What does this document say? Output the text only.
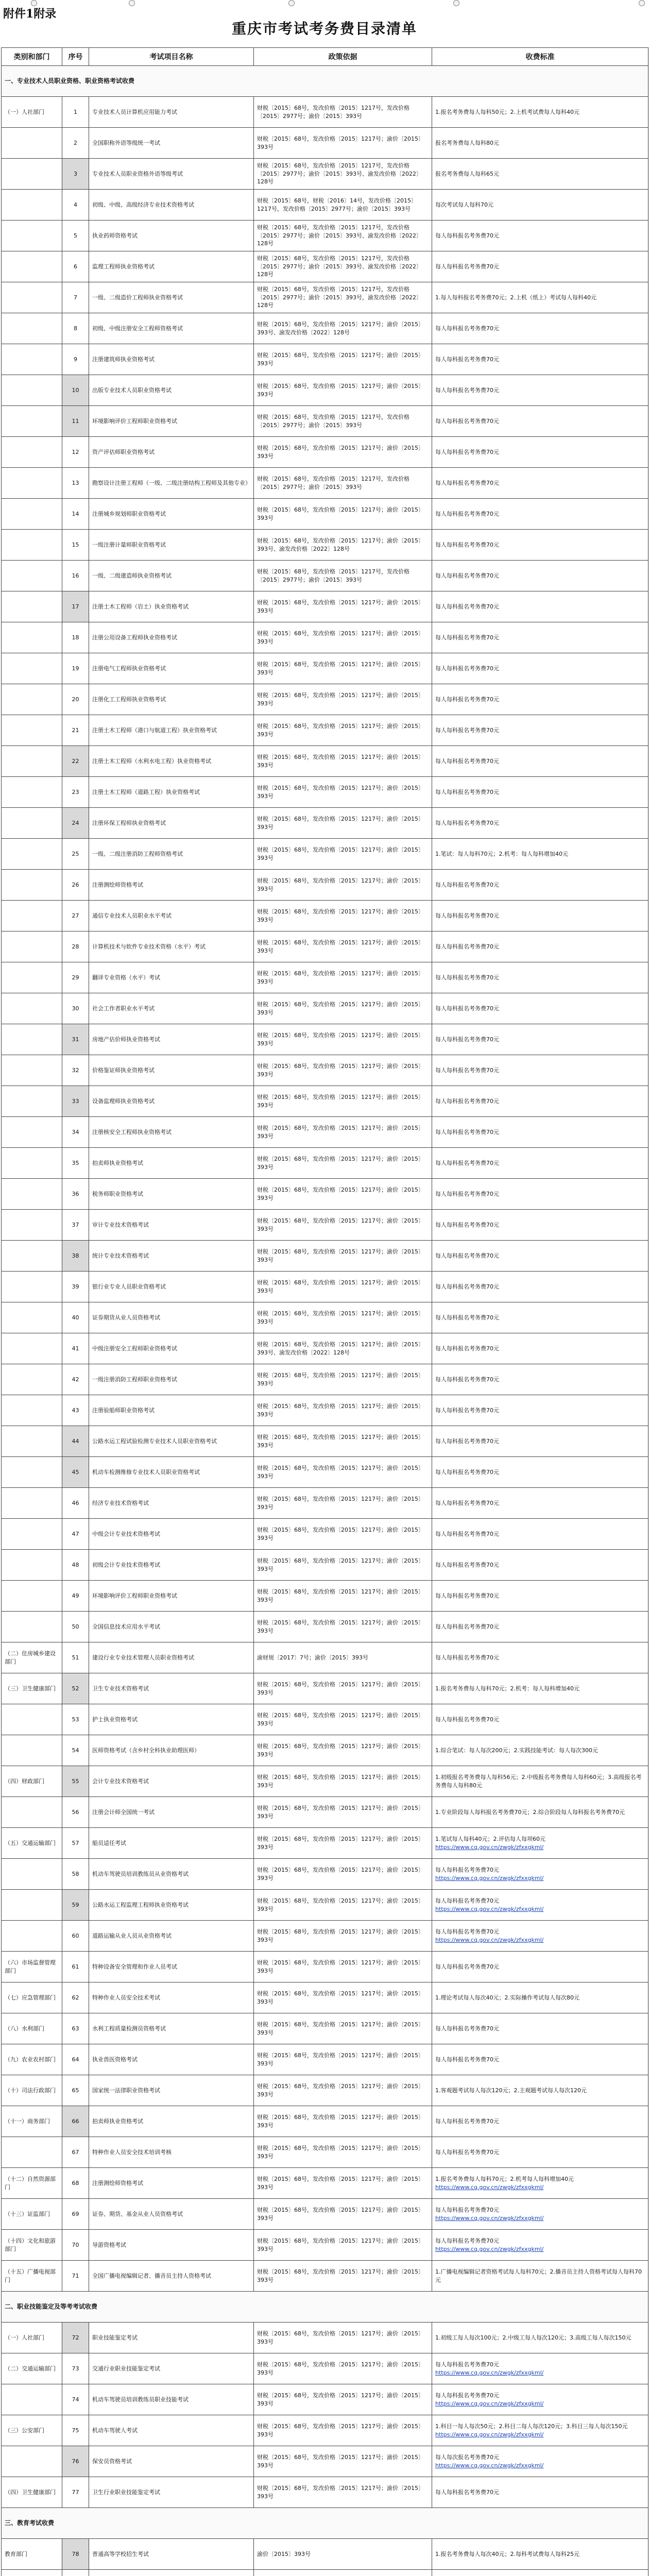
附件1附录
重庆市考试考务费目录清单
类别和部门	序号	考试项目名称	政策依据	收费标准
一、专业技术人员职业资格、职业资格考试收费				
（一）人社部门	1	专业技术人员计算机应用能力考试	财税〔2015〕68号，发改价格〔2015〕1217号，发改价格〔2015〕2977号；渝价〔2015〕393号	1.报名考务费每人每科50元；2.上机考试费每人每科40元
	2	全国职称外语等级统一考试	财税〔2015〕68号，发改价格〔2015〕1217号；渝价〔2015〕393号	报名考务费每人每科80元
	3	专业技术人员职业资格外语等级考试	财税〔2015〕68号，发改价格〔2015〕1217号，发改价格〔2015〕2977号；渝价〔2015〕393号、渝发改价格〔2022〕128号	报名考务费每人每科65元
	4	初级、中级、高级经济专业技术资格考试	财税〔2015〕68号，财税〔2016〕14号，发改价格〔2015〕1217号，发改价格〔2015〕2977号；渝价〔2015〕393号	每次考试每人每科70元
	5	执业药师资格考试	财税〔2015〕68号，发改价格〔2015〕1217号，发改价格〔2015〕2977号；渝价〔2015〕393号、渝发改价格〔2022〕128号	每人每科报名考务费70元
	6	监理工程师执业资格考试	财税〔2015〕68号，发改价格〔2015〕1217号，发改价格〔2015〕2977号；渝价〔2015〕393号、渝发改价格〔2022〕128号	每人每科报名考务费70元
	7	一级、二级造价工程师执业资格考试	财税〔2015〕68号，发改价格〔2015〕1217号，发改价格〔2015〕2977号；渝价〔2015〕393号，渝发改价格〔2022〕128号	1.每人每科报名考务费70元；2.上机（纸上）考试每人每科40元
	8	初级、中级注册安全工程师资格考试	财税〔2015〕68号，发改价格〔2015〕1217号；渝价〔2015〕393号、渝发改价格〔2022〕128号	每人每科报名考务费70元
	9	注册建筑师执业资格考试	财税〔2015〕68号，发改价格〔2015〕1217号；渝价〔2015〕393号	每人每科报名考务费70元
	10	出版专业技术人员职业资格考试	财税〔2015〕68号，发改价格〔2015〕1217号；渝价〔2015〕393号	每人每科报名考务费70元
	11	环境影响评价工程师职业资格考试	财税〔2015〕68号，发改价格〔2015〕1217号，发改价格〔2015〕2977号；渝价〔2015〕393号	每人每科报名考务费70元
	12	资产评估师职业资格考试	财税〔2015〕68号，发改价格〔2015〕1217号；渝价〔2015〕393号	每人每科报名考务费70元
	13	勘察设计注册工程师（一级、二级注册结构工程师及其他专业）	财税〔2015〕68号，发改价格〔2015〕1217号，发改价格〔2015〕2977号；渝价〔2015〕393号	每人每科报名考务费70元
	14	注册城乡规划师职业资格考试	财税〔2015〕68号，发改价格〔2015〕1217号；渝价〔2015〕393号	每人每科报名考务费70元
	15	一级注册计量师职业资格考试	财税〔2015〕68号，发改价格〔2015〕1217号；渝价〔2015〕393号、渝发改价格〔2022〕128号	每人每科报名考务费70元
	16	一级、二级建造师执业资格考试	财税〔2015〕68号，发改价格〔2015〕1217号，发改价格〔2015〕2977号；渝价〔2015〕393号	每人每科报名考务费70元
	17	注册土木工程师（岩土）执业资格考试	财税〔2015〕68号，发改价格〔2015〕1217号；渝价〔2015〕393号	每人每科报名考务费70元
	18	注册公用设备工程师执业资格考试	财税〔2015〕68号，发改价格〔2015〕1217号；渝价〔2015〕393号	每人每科报名考务费70元
	19	注册电气工程师执业资格考试	财税〔2015〕68号，发改价格〔2015〕1217号；渝价〔2015〕393号	每人每科报名考务费70元
	20	注册化工工程师执业资格考试	财税〔2015〕68号，发改价格〔2015〕1217号；渝价〔2015〕393号	每人每科报名考务费70元
	21	注册土木工程师（港口与航道工程）执业资格考试	财税〔2015〕68号，发改价格〔2015〕1217号；渝价〔2015〕393号	每人每科报名考务费70元
	22	注册土木工程师（水利水电工程）执业资格考试	财税〔2015〕68号，发改价格〔2015〕1217号；渝价〔2015〕393号	每人每科报名考务费70元
	23	注册土木工程师（道路工程）执业资格考试	财税〔2015〕68号，发改价格〔2015〕1217号；渝价〔2015〕393号	每人每科报名考务费70元
	24	注册环保工程师执业资格考试	财税〔2015〕68号，发改价格〔2015〕1217号；渝价〔2015〕393号	每人每科报名考务费70元
	25	一级、二级注册消防工程师资格考试	财税〔2015〕68号，发改价格〔2015〕1217号；渝价〔2015〕393号	1.笔试：每人每科70元；2.机考：每人每科增加40元
	26	注册测绘师资格考试	财税〔2015〕68号，发改价格〔2015〕1217号；渝价〔2015〕393号	每人每科报名考务费70元
	27	通信专业技术人员职业水平考试	财税〔2015〕68号，发改价格〔2015〕1217号；渝价〔2015〕393号	每人每科报名考务费70元
	28	计算机技术与软件专业技术资格（水平）考试	财税〔2015〕68号，发改价格〔2015〕1217号；渝价〔2015〕393号	每人每科报名考务费70元
	29	翻译专业资格（水平）考试	财税〔2015〕68号，发改价格〔2015〕1217号；渝价〔2015〕393号	每人每科报名考务费70元
	30	社会工作者职业水平考试	财税〔2015〕68号，发改价格〔2015〕1217号；渝价〔2015〕393号	每人每科报名考务费70元
	31	房地产估价师执业资格考试	财税〔2015〕68号，发改价格〔2015〕1217号；渝价〔2015〕393号	每人每科报名考务费70元
	32	价格鉴证师执业资格考试	财税〔2015〕68号，发改价格〔2015〕1217号；渝价〔2015〕393号	每人每科报名考务费70元
	33	设备监理师执业资格考试	财税〔2015〕68号，发改价格〔2015〕1217号；渝价〔2015〕393号	每人每科报名考务费70元
	34	注册核安全工程师执业资格考试	财税〔2015〕68号，发改价格〔2015〕1217号；渝价〔2015〕393号	每人每科报名考务费70元
	35	拍卖师执业资格考试	财税〔2015〕68号，发改价格〔2015〕1217号；渝价〔2015〕393号	每人每科报名考务费70元
	36	税务师职业资格考试	财税〔2015〕68号，发改价格〔2015〕1217号；渝价〔2015〕393号	每人每科报名考务费70元
	37	审计专业技术资格考试	财税〔2015〕68号，发改价格〔2015〕1217号；渝价〔2015〕393号	每人每科报名考务费70元
	38	统计专业技术资格考试	财税〔2015〕68号，发改价格〔2015〕1217号；渝价〔2015〕393号	每人每科报名考务费70元
	39	银行业专业人员职业资格考试	财税〔2015〕68号，发改价格〔2015〕1217号；渝价〔2015〕393号	每人每科报名考务费70元
	40	证券期货从业人员资格考试	财税〔2015〕68号，发改价格〔2015〕1217号；渝价〔2015〕393号	每人每科报名考务费70元
	41	中级注册安全工程师职业资格考试	财税〔2015〕68号，发改价格〔2015〕1217号；渝价〔2015〕393号、渝发改价格〔2022〕128号	每人每科报名考务费70元
	42	一级注册消防工程师职业资格考试	财税〔2015〕68号，发改价格〔2015〕1217号；渝价〔2015〕393号	每人每科报名考务费70元
	43	注册验船师职业资格考试	财税〔2015〕68号，发改价格〔2015〕1217号；渝价〔2015〕393号	每人每科报名考务费70元
	44	公路水运工程试验检测专业技术人员职业资格考试	财税〔2015〕68号，发改价格〔2015〕1217号；渝价〔2015〕393号	每人每科报名考务费70元
	45	机动车检测维修专业技术人员职业资格考试	财税〔2015〕68号，发改价格〔2015〕1217号；渝价〔2015〕393号	每人每科报名考务费70元
	46	经济专业技术资格考试	财税〔2015〕68号，发改价格〔2015〕1217号；渝价〔2015〕393号	每人每科报名考务费70元
	47	中级会计专业技术资格考试	财税〔2015〕68号，发改价格〔2015〕1217号；渝价〔2015〕393号	每人每科报名考务费70元
	48	初级会计专业技术资格考试	财税〔2015〕68号，发改价格〔2015〕1217号；渝价〔2015〕393号	每人每科报名考务费70元
	49	环境影响评价工程师职业资格考试	财税〔2015〕68号，发改价格〔2015〕1217号；渝价〔2015〕393号	每人每科报名考务费70元
	50	全国信息技术应用水平考试	财税〔2015〕68号，发改价格〔2015〕1217号；渝价〔2015〕393号	每人每科报名考务费70元
（二）住房城乡建设部门	51	建设行业专业技术管理人员职业资格考试	渝财规〔2017〕7号；渝价〔2015〕393号	每人每科报名考务费70元
（三）卫生健康部门	52	卫生专业技术资格考试	财税〔2015〕68号，发改价格〔2015〕1217号；渝价〔2015〕393号	1.报名考务费每人每科70元；2.机考：每人每科增加40元
	53	护士执业资格考试	财税〔2015〕68号，发改价格〔2015〕1217号；渝价〔2015〕393号	每人每科报名考务费70元
	54	医师资格考试（含乡村全科执业助理医师）	财税〔2015〕68号，发改价格〔2015〕1217号；渝价〔2015〕393号	1.综合笔试：每人每次200元；2.实践技能考试：每人每次300元
（四）财政部门	55	会计专业技术资格考试	财税〔2015〕68号，发改价格〔2015〕1217号；渝价〔2015〕393号	1.初级报名考务费每人每科56元；2.中级报名考务费每人每科60元；3.高级报名考务费每人每科80元
	56	注册会计师全国统一考试	财税〔2015〕68号，发改价格〔2015〕1217号；渝价〔2015〕393号	1.专业阶段每人每科报名考务费70元；2.综合阶段每人每科报名考务费70元
（五）交通运输部门	57	船员适任考试	财税〔2015〕68号，发改价格〔2015〕1217号；渝价〔2015〕393号	1.笔试每人每科40元；2.评估每人每项60元
https://www.cq.gov.cn/zwgk/zfxxgkml/
	58	机动车驾驶员培训教练员从业资格考试	财税〔2015〕68号，发改价格〔2015〕1217号；渝价〔2015〕393号	每人每科报名考务费70元
https://www.cq.gov.cn/zwgk/zfxxgkml/
	59	公路水运工程监理工程师执业资格考试	财税〔2015〕68号，发改价格〔2015〕1217号；渝价〔2015〕393号	每人每科报名考务费70元
https://www.cq.gov.cn/zwgk/zfxxgkml/
	60	道路运输从业人员从业资格考试	财税〔2015〕68号，发改价格〔2015〕1217号；渝价〔2015〕393号	每人每科报名考务费70元
https://www.cq.gov.cn/zwgk/zfxxgkml/
（六）市场监督管理部门	61	特种设备安全管理和作业人员考试	财税〔2015〕68号，发改价格〔2015〕1217号；渝价〔2015〕393号	每人每科报名考务费70元
（七）应急管理部门	62	特种作业人员安全技术考试	财税〔2015〕68号，发改价格〔2015〕1217号；渝价〔2015〕393号	1.理论考试每人每次40元；2.实际操作考试每人每次80元
（八）水利部门	63	水利工程质量检测员资格考试	财税〔2015〕68号，发改价格〔2015〕1217号；渝价〔2015〕393号	每人每科报名考务费70元
（九）农业农村部门	64	执业兽医资格考试	财税〔2015〕68号，发改价格〔2015〕1217号；渝价〔2015〕393号	每人每科报名考务费70元
（十）司法行政部门	65	国家统一法律职业资格考试	财税〔2015〕68号，发改价格〔2015〕1217号；渝价〔2015〕393号	1.客观题考试每人每次120元；2.主观题考试每人每次120元
（十一）商务部门	66	拍卖师执业资格考试	财税〔2015〕68号，发改价格〔2015〕1217号；渝价〔2015〕393号	每人每科报名考务费70元
	67	特种作业人员安全技术培训考核	财税〔2015〕68号，发改价格〔2015〕1217号；渝价〔2015〕393号	每人每科报名考务费70元
（十二）自然资源部门	68	注册测绘师资格考试	财税〔2015〕68号，发改价格〔2015〕1217号；渝价〔2015〕393号	1.报名考务费每人每科70元；2.机考每人每科增加40元
https://www.cq.gov.cn/zwgk/zfxxgkml/
（十三）证监部门	69	证券、期货、基金从业人员资格考试	财税〔2015〕68号，发改价格〔2015〕1217号；渝价〔2015〕393号	每人每科报名考务费70元
https://www.cq.gov.cn/zwgk/zfxxgkml/
（十四）文化和旅游部门	70	导游资格考试	财税〔2015〕68号，发改价格〔2015〕1217号；渝价〔2015〕393号	每人每科报名考务费70元
https://www.cq.gov.cn/zwgk/zfxxgkml/
（十五）广播电视部门	71	全国广播电视编辑记者、播音员主持人资格考试	财税〔2015〕68号，发改价格〔2015〕1217号；渝价〔2015〕393号	1.广播电视编辑记者资格考试每人每科70元；2.播音员主持人资格考试每人每科70元
二、职业技能鉴定及等考考试收费				
（一）人社部门	72	职业技能鉴定考试	财税〔2015〕68号，发改价格〔2015〕1217号；渝价〔2015〕393号	1.初级工每人每次100元；2.中级工每人每次120元；3.高级工每人每次150元
（二）交通运输部门	73	交通行业职业技能鉴定考试	财税〔2015〕68号，发改价格〔2015〕1217号；渝价〔2015〕393号	每人每科报名考务费70元
https://www.cq.gov.cn/zwgk/zfxxgkml/
	74	机动车驾驶员培训教练员职业技能考试	财税〔2015〕68号，发改价格〔2015〕1217号；渝价〔2015〕393号	每人每科报名考务费70元
https://www.cq.gov.cn/zwgk/zfxxgkml/
（三）公安部门	75	机动车驾驶人考试	财税〔2015〕68号，发改价格〔2015〕1217号；渝价〔2015〕393号	1.科目一每人每次50元；2.科目二每人每次120元；3.科目三每人每次150元
https://www.cq.gov.cn/zwgk/zfxxgkml/
	76	保安员资格考试	财税〔2015〕68号，发改价格〔2015〕1217号；渝价〔2015〕393号	每人每次报名考务费70元
https://www.cq.gov.cn/zwgk/zfxxgkml/
（四）卫生健康部门	77	卫生行业职业技能鉴定考试	财税〔2015〕68号，发改价格〔2015〕1217号；渝价〔2015〕393号	每人每科报名考务费70元
三、教育考试收费				
教育部门	78	普通高等学校招生考试	渝价〔2015〕393号	1.报名考务费每人每次40元；2.每科考试费每人每科25元
